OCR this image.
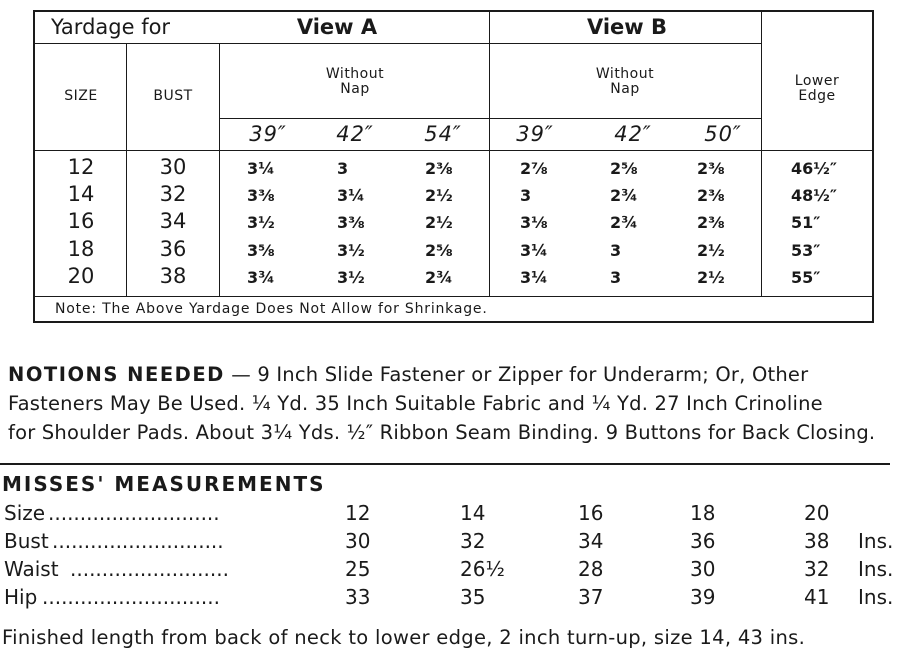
Yardage for	View A	View B
SIZE	BUST
Without Nap
Without Nap	Lower Edge
39″ 42″ 54″	39″	42″ 50″
12	30	3¼	3	2⅜	2⅞	2⅝	2⅜	46½″
14	32	3⅜	3¼	2½	3	2¾	2⅜	48½″
16	34	3½	3⅜	2½	3⅛	2¾	2⅜	51″
18	36	3⅝	3½	2⅝	3¼	3	2½	53″
20	38	3¾	3½	2¾	3¼	3	2½	55″
Note: The Above Yardage Does Not Allow for Shrinkage.
NOTIONS NEEDED — 9 Inch Slide Fastener or Zipper for Underarm; Or, Other
Fasteners May Be Used. ¼ Yd. 35 Inch Suitable Fabric and ¼ Yd. 27 Inch Crinoline
for Shoulder Pads. About 3¼ Yds. ½″ Ribbon Seam Binding. 9 Buttons for Back Closing.
MISSES' MEASUREMENTS
Size ...........................	12	14	16	18	20
Bust ...........................	30	32	34	36	38 Ins.
Waist .........................	25	26½	28	30	32 Ins.
Hip ............................	33	35	37	39	41 Ins.
Finished length from back of neck to lower edge, 2 inch turn-up, size 14, 43 ins.
